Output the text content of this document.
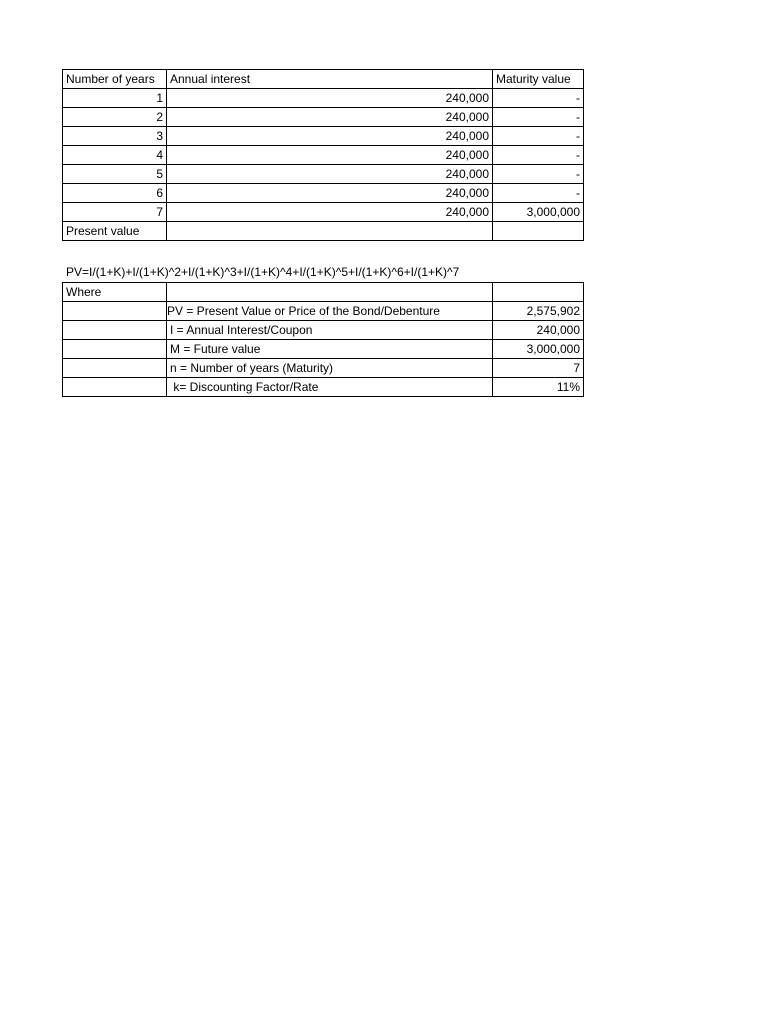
Number of years	Annual interest	Maturity value
1	240,000	-
2	240,000	-
3	240,000	-
4	240,000	-
5	240,000	-
6	240,000	-
7	240,000	3,000,000
Present value		
PV=I/(1+K)+I/(1+K)^2+I/(1+K)^3+I/(1+K)^4+I/(1+K)^5+I/(1+K)^6+I/(1+K)^7
Where		
	PV = Present Value or Price of the Bond/Debenture	2,575,902
	I = Annual Interest/Coupon	240,000
	M = Future value	3,000,000
	n = Number of years (Maturity)	7
	k= Discounting Factor/Rate	11%
